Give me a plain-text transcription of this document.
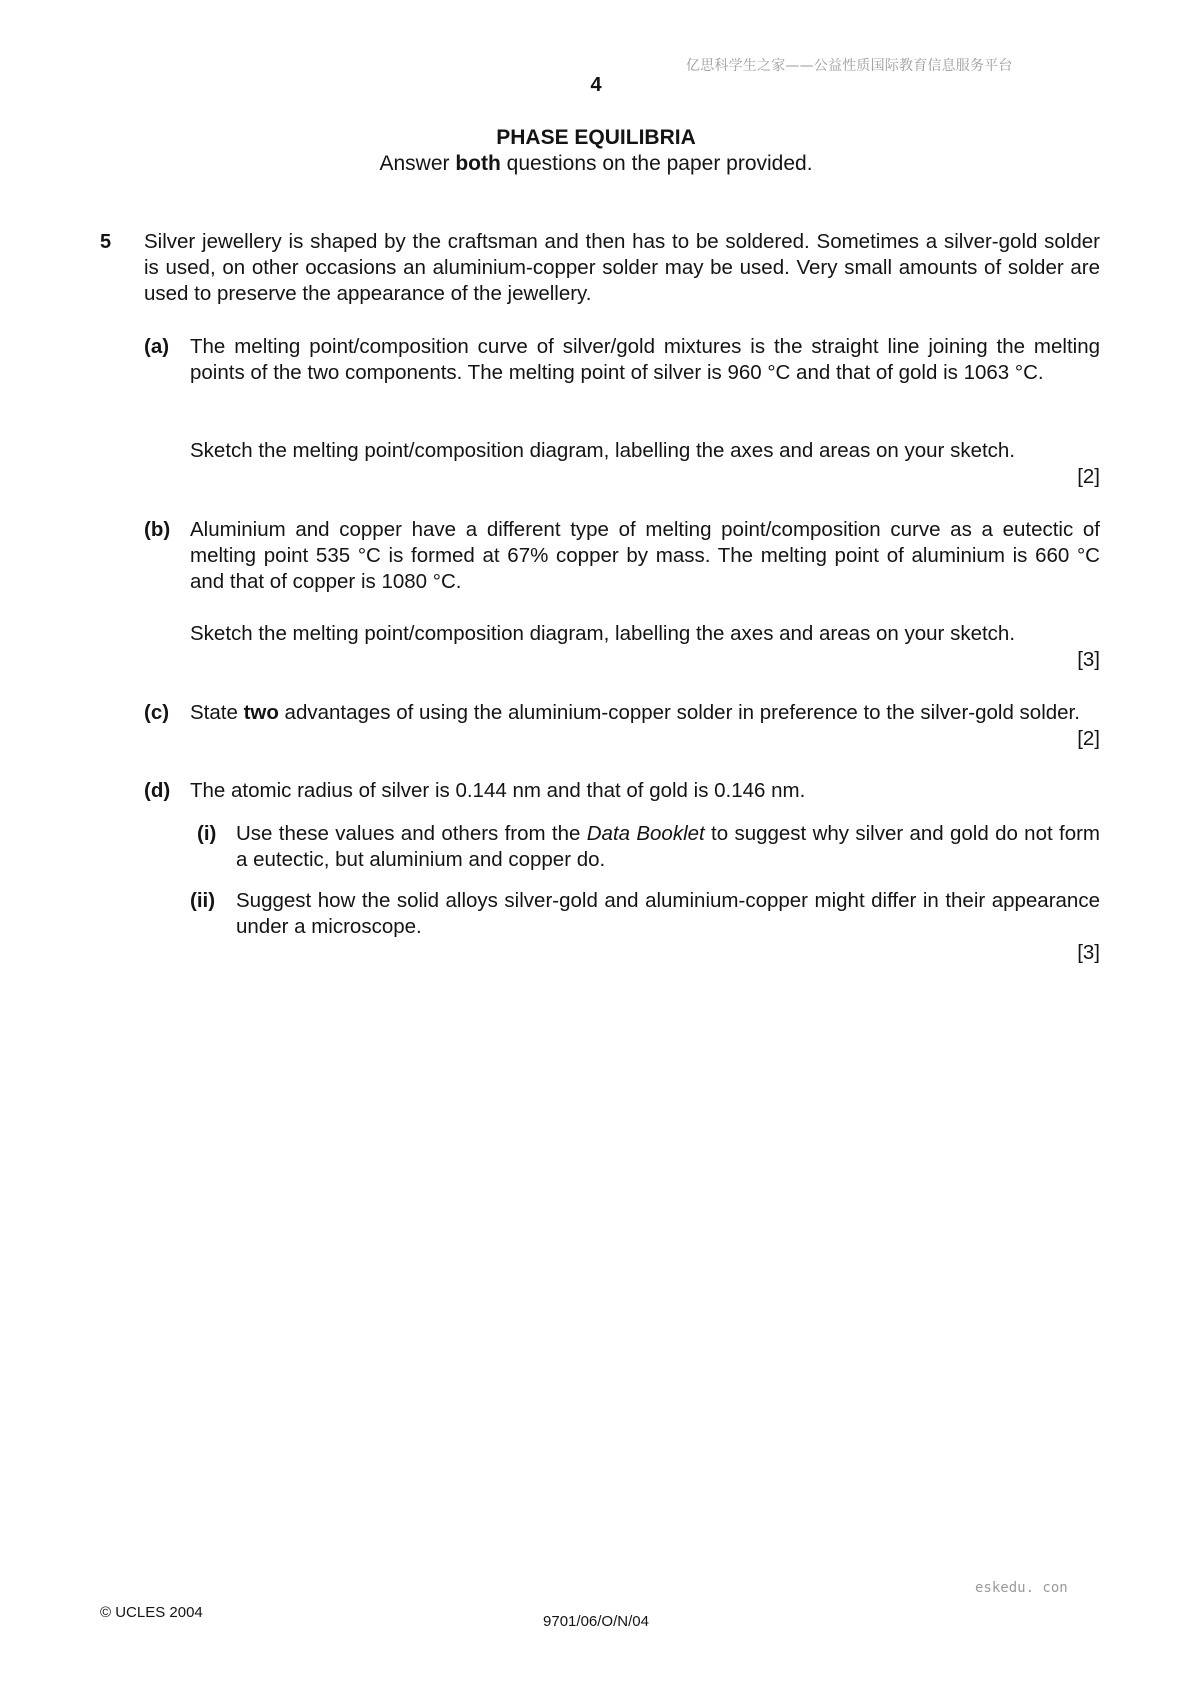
亿思科学生之家——公益性质国际教育信息服务平台
4
PHASE EQUILIBRIA
Answer both questions on the paper provided.
5 Silver jewellery is shaped by the craftsman and then has to be soldered. Sometimes a silver-gold solder is used, on other occasions an aluminium-copper solder may be used. Very small amounts of solder are used to preserve the appearance of the jewellery.
(a) The melting point/composition curve of silver/gold mixtures is the straight line joining the melting points of the two components. The melting point of silver is 960 °C and that of gold is 1063 °C.
Sketch the melting point/composition diagram, labelling the axes and areas on your sketch.
[2]
(b) Aluminium and copper have a different type of melting point/composition curve as a eutectic of melting point 535 °C is formed at 67% copper by mass. The melting point of aluminium is 660 °C and that of copper is 1080 °C.
Sketch the melting point/composition diagram, labelling the axes and areas on your sketch.
[3]
(c) State two advantages of using the aluminium-copper solder in preference to the silver-gold solder.
[2]
(d) The atomic radius of silver is 0.144 nm and that of gold is 0.146 nm.
(i) Use these values and others from the Data Booklet to suggest why silver and gold do not form a eutectic, but aluminium and copper do.
(ii) Suggest how the solid alloys silver-gold and aluminium-copper might differ in their appearance under a microscope.
[3]
eskedu. con
© UCLES 2004
9701/06/O/N/04
